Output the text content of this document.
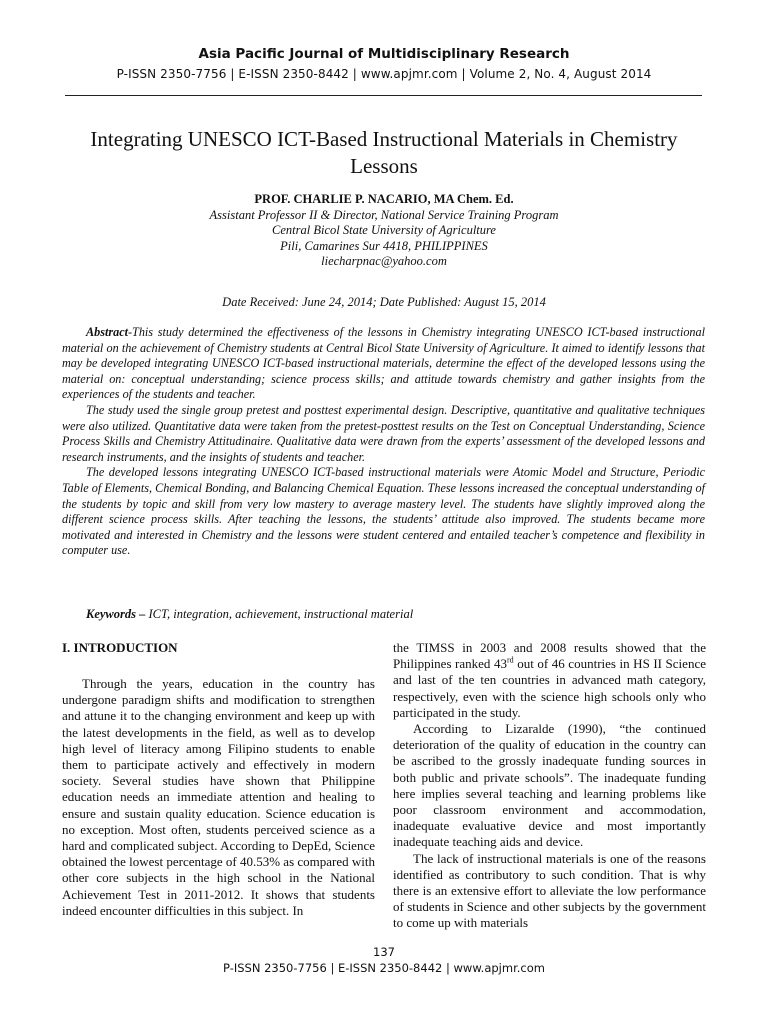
Asia Pacific Journal of Multidisciplinary Research
P-ISSN 2350-7756 | E-ISSN 2350-8442 | www.apjmr.com | Volume 2, No. 4, August 2014
Integrating UNESCO ICT-Based Instructional Materials in Chemistry Lessons
PROF. CHARLIE P. NACARIO, MA Chem. Ed.
Assistant Professor II & Director, National Service Training Program
Central Bicol State University of Agriculture
Pili, Camarines Sur 4418, PHILIPPINES
liecharpnac@yahoo.com
Date Received: June 24, 2014; Date Published: August 15, 2014

Abstract-This study determined the effectiveness of the lessons in Chemistry integrating UNESCO ICT-based instructional material on the achievement of Chemistry students at Central Bicol State University of Agriculture. It aimed to identify lessons that may be developed integrating UNESCO ICT-based instructional materials, determine the effect of the developed lessons using the material on: conceptual understanding; science process skills; and attitude towards chemistry and gather insights from the experiences of the students and teacher.

The study used the single group pretest and posttest experimental design. Descriptive, quantitative and qualitative techniques were also utilized. Quantitative data were taken from the pretest-posttest results on the Test on Conceptual Understanding, Science Process Skills and Chemistry Attitudinaire. Qualitative data were drawn from the experts’ assessment of the developed lessons and research instruments, and the insights of students and teacher.

The developed lessons integrating UNESCO ICT-based instructional materials were Atomic Model and Structure, Periodic Table of Elements, Chemical Bonding, and Balancing Chemical Equation. These lessons increased the conceptual understanding of the students by topic and skill from very low mastery to average mastery level. The students have slightly improved along the different science process skills. After teaching the lessons, the students’ attitude also improved. The students became more motivated and interested in Chemistry and the lessons were student centered and entailed teacher’s competence and flexibility in computer use.

Keywords – ICT, integration, achievement, instructional material
I. INTRODUCTION

Through the years, education in the country has undergone paradigm shifts and modification to strengthen and attune it to the changing environment and keep up with the latest developments in the field, as well as to develop high level of literacy among Filipino students to enable them to participate actively and effectively in modern society. Several studies have shown that Philippine education needs an immediate attention and healing to ensure and sustain quality education. Science education is no exception. Most often, students perceived science as a hard and complicated subject. According to DepEd, Science obtained the lowest percentage of 40.53% as compared with other core subjects in the high school in the National Achievement Test in 2011-2012. It shows that students indeed encounter difficulties in this subject. In

the TIMSS in 2003 and 2008 results showed that the Philippines ranked 43rd out of 46 countries in HS II Science and last of the ten countries in advanced math category, respectively, even with the science high schools only who participated in the study.

According to Lizaralde (1990), “the continued deterioration of the quality of education in the country can be ascribed to the grossly inadequate funding sources in both public and private schools”. The inadequate funding here implies several teaching and learning problems like poor classroom environment and accommodation, inadequate evaluative device and most importantly inadequate teaching aids and device.

The lack of instructional materials is one of the reasons identified as contributory to such condition. That is why there is an extensive effort to alleviate the low performance of students in Science and other subjects by the government to come up with materials

137
P-ISSN 2350-7756 | E-ISSN 2350-8442 | www.apjmr.com
